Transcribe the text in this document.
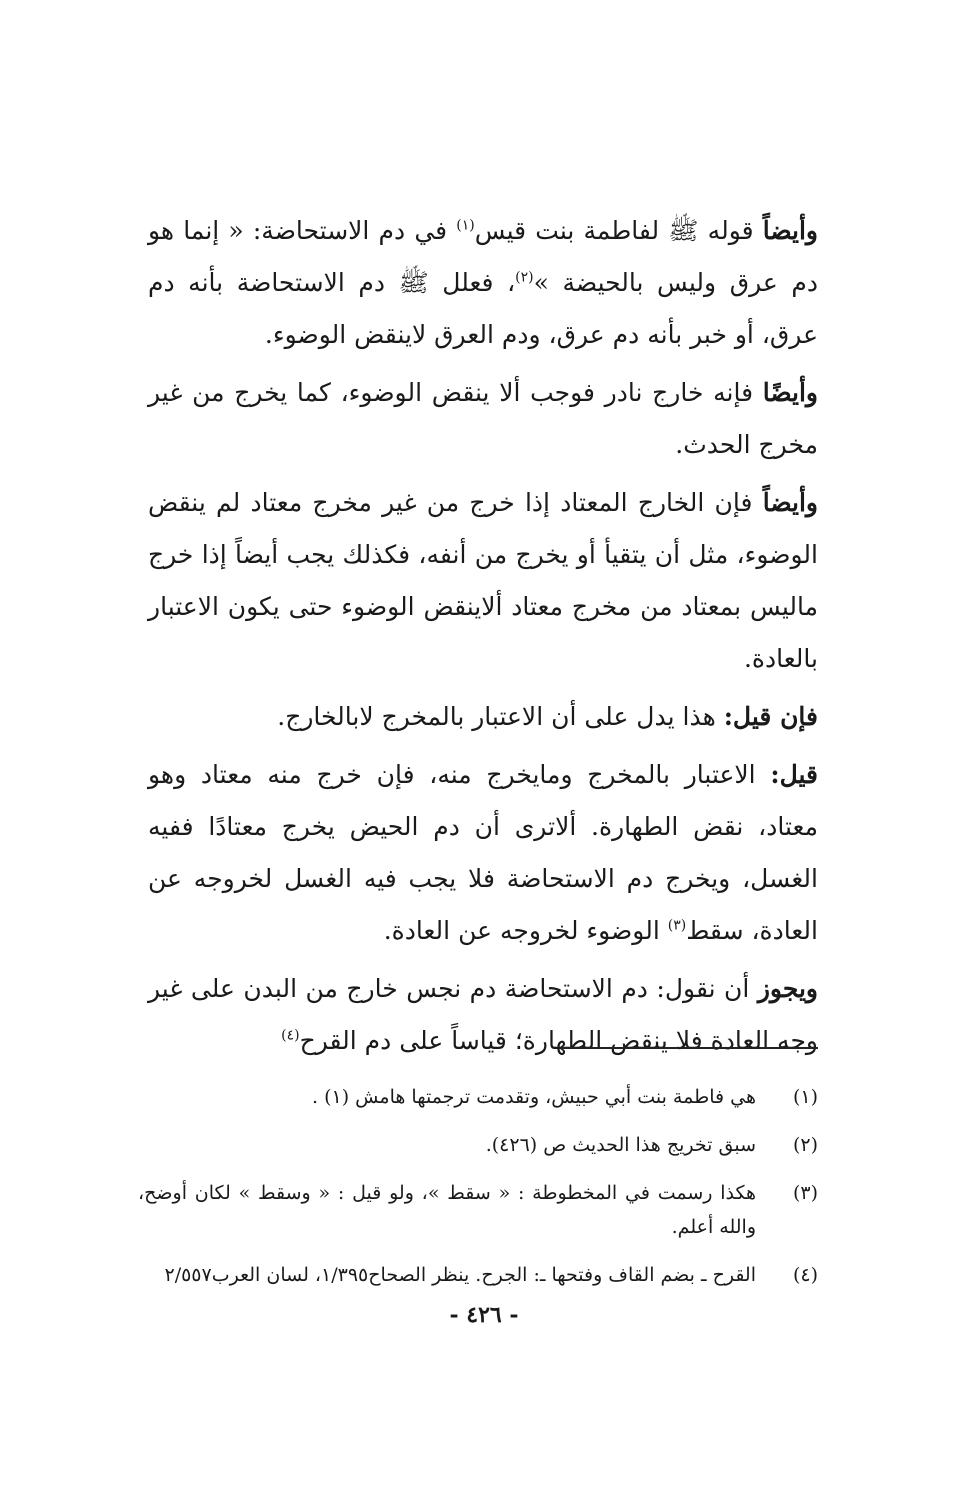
وأيضاً قوله ﷺ لفاطمة بنت قيس$^{(١)}$ في دم الاستحاضة: « إنما هو دم عرق وليس بالحيضة »$^{(٢)}$، فعلل ﷺ دم الاستحاضة بأنه دم عرق، أو خبر بأنه دم عرق، ودم العرق لاينقض الوضوء.

وأيضًا فإنه خارج نادر فوجب ألا ينقض الوضوء، كما يخرج من غير مخرج الحدث.

وأيضاً فإن الخارج المعتاد إذا خرج من غير مخرج معتاد لم ينقض الوضوء، مثل أن يتقيأ أو يخرج من أنفه، فكذلك يجب أيضاً إذا خرج ماليس بمعتاد من مخرج معتاد ألاينقض الوضوء حتى يكون الاعتبار بالعادة.

فإن قيل: هذا يدل على أن الاعتبار بالمخرج لابالخارج.

قيل: الاعتبار بالمخرج ومايخرج منه، فإن خرج منه معتاد وهو معتاد، نقض الطهارة. ألاترى أن دم الحيض يخرج معتادًا ففيه الغسل، ويخرج دم الاستحاضة فلا يجب فيه الغسل لخروجه عن العادة، سقط$^{(٣)}$ الوضوء لخروجه عن العادة.

ويجوز أن نقول: دم الاستحاضة دم نجس خارج من البدن على غير وجه العادة فلا ينقض الطهارة؛ قياساً على دم القرح$^{(٤)}$

(١)
هي فاطمة بنت أبي حبيش، وتقدمت ترجمتها هامش (١) .
(٢)
سبق تخريج هذا الحديث ص (٤٢٦).
(٣)
هكذا رسمت في المخطوطة : « سقط »، ولو قيل : « وسقط » لكان أوضح، والله أعلم.
(٤)
القرح ـ بضم القاف وفتحها ـ: الجرح. ينظر الصحاح١/٣٩٥، لسان العرب٢/٥٥٧
- ٤٢٦ -
